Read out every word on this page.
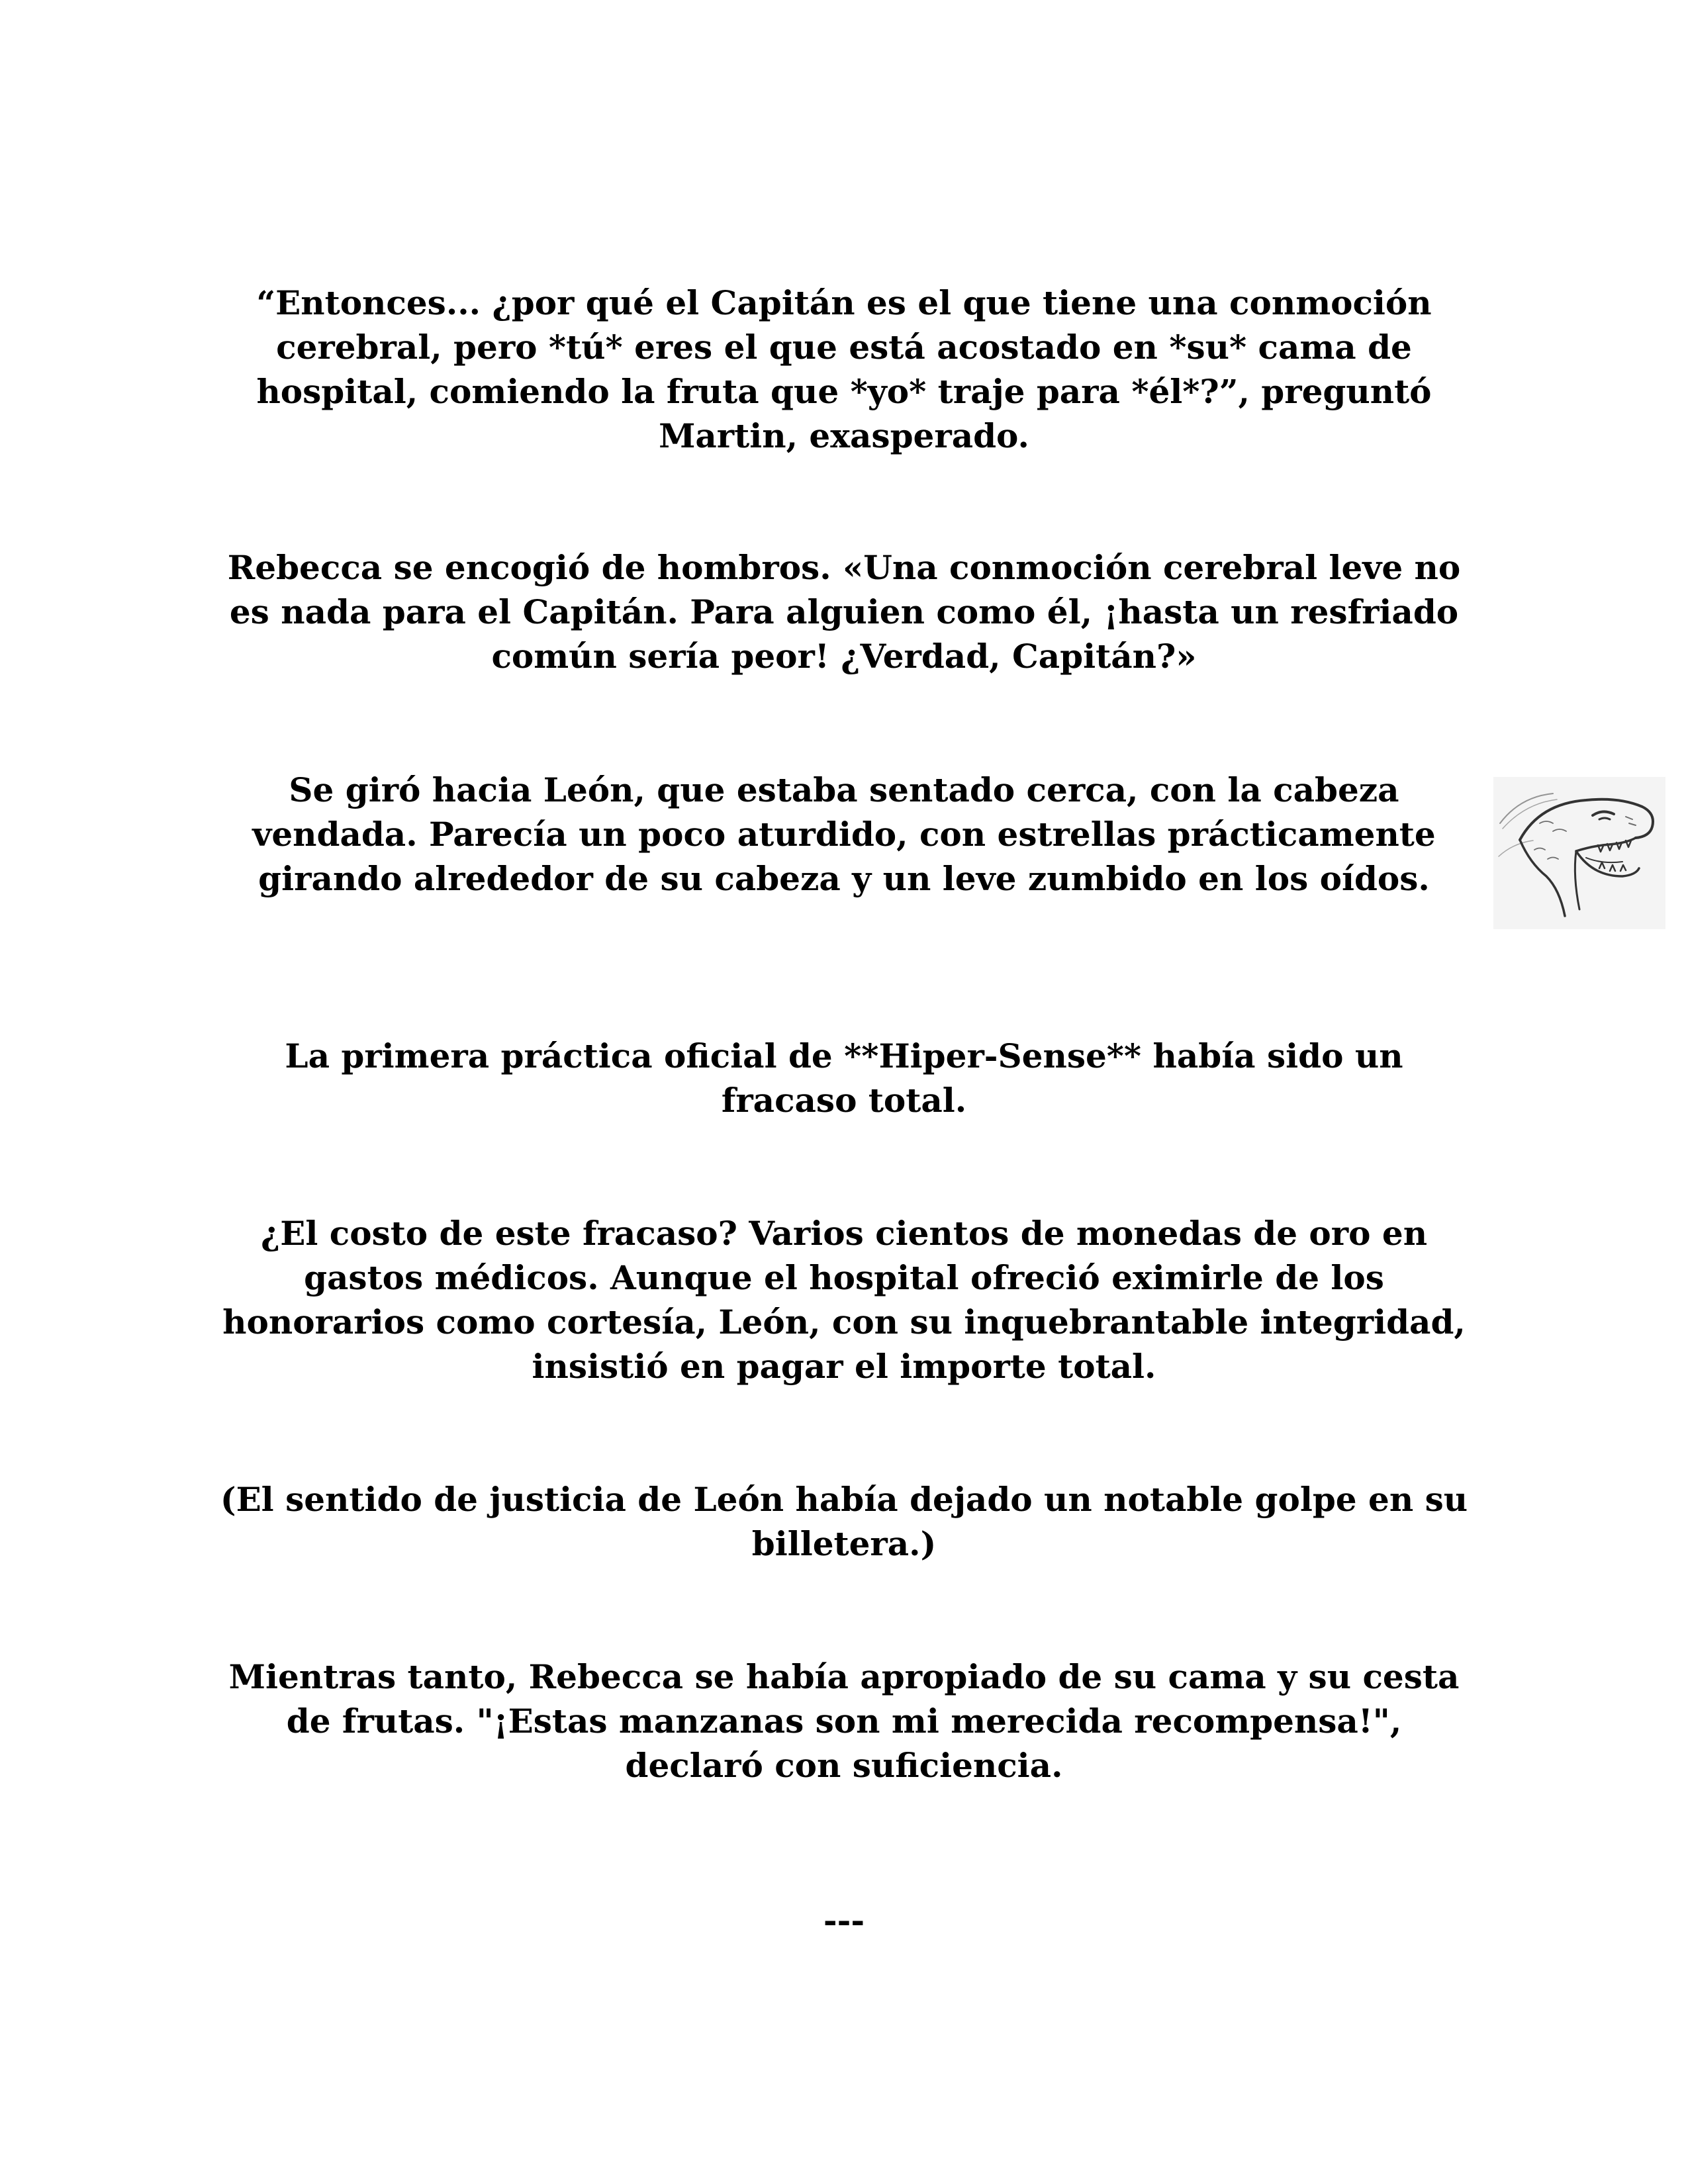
“Entonces... ¿por qué el Capitán es el que tiene una conmoción cerebral, pero *tú* eres el que está acostado en *su* cama de hospital, comiendo la fruta que *yo* traje para *él*?”, preguntó Martin, exasperado.

Rebecca se encogió de hombros. «Una conmoción cerebral leve no es nada para el Capitán. Para alguien como él, ¡hasta un resfriado común sería peor! ¿Verdad, Capitán?»

Se giró hacia León, que estaba sentado cerca, con la cabeza vendada. Parecía un poco aturdido, con estrellas prácticamente girando alrededor de su cabeza y un leve zumbido en los oídos.

La primera práctica oficial de **Hiper-Sense** había sido un fracaso total.

¿El costo de este fracaso? Varios cientos de monedas de oro en gastos médicos. Aunque el hospital ofreció eximirle de los honorarios como cortesía, León, con su inquebrantable integridad, insistió en pagar el importe total.

(El sentido de justicia de León había dejado un notable golpe en su billetera.)

Mientras tanto, Rebecca se había apropiado de su cama y su cesta de frutas. "¡Estas manzanas son mi merecida recompensa!", declaró con suficiencia.

---
